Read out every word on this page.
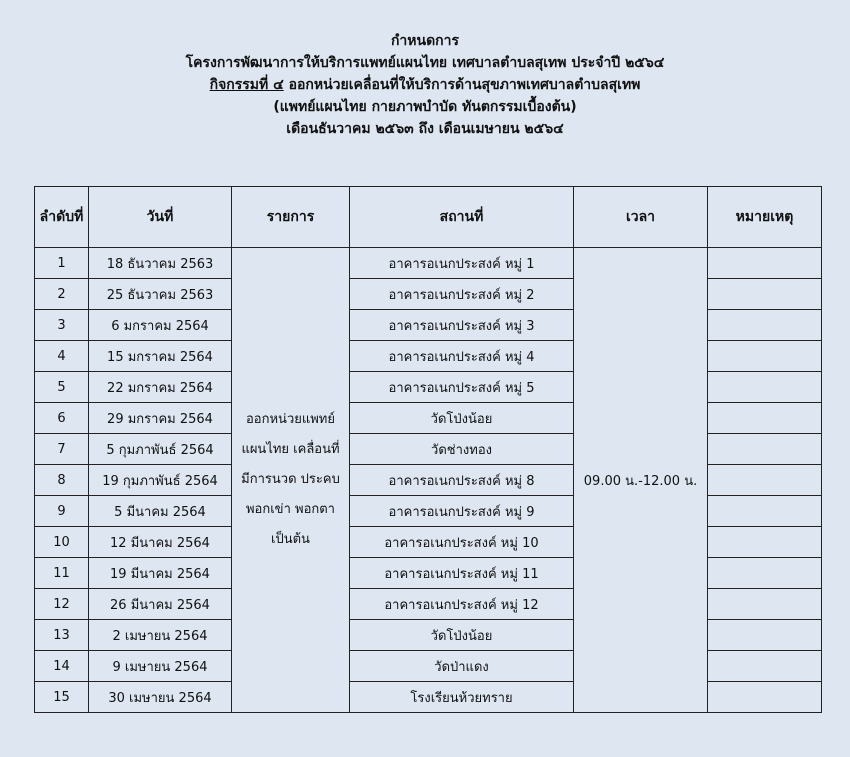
กำหนดการ
โครงการพัฒนาการให้บริการแพทย์แผนไทย เทศบาลตำบลสุเทพ ประจำปี ๒๕๖๔
กิจกรรมที่ ๔ ออกหน่วยเคลื่อนที่ให้บริการด้านสุขภาพเทศบาลตำบลสุเทพ
(แพทย์แผนไทย กายภาพบำบัด ทันตกรรมเบื้องต้น)
เดือนธันวาคม ๒๕๖๓ ถึง เดือนเมษายน ๒๕๖๔
ลำดับที่	วันที่	รายการ	สถานที่	เวลา	หมายเหตุ
1	18 ธันวาคม 2563	ออกหน่วยแพทย์แผนไทย เคลื่อนที่ มีการนวด ประคบ พอกเข่า พอกตา เป็นต้น	อาคารอเนกประสงค์ หมู่ 1	09.00 น.-12.00 น.	
2	25 ธันวาคม 2563		อาคารอเนกประสงค์ หมู่ 2		
3	6 มกราคม 2564		อาคารอเนกประสงค์ หมู่ 3		
4	15 มกราคม 2564		อาคารอเนกประสงค์ หมู่ 4		
5	22 มกราคม 2564		อาคารอเนกประสงค์ หมู่ 5		
6	29 มกราคม 2564		วัดโป่งน้อย		
7	5 กุมภาพันธ์ 2564		วัดช่างทอง		
8	19 กุมภาพันธ์ 2564		อาคารอเนกประสงค์ หมู่ 8		
9	5 มีนาคม 2564		อาคารอเนกประสงค์ หมู่ 9		
10	12 มีนาคม 2564		อาคารอเนกประสงค์ หมู่ 10		
11	19 มีนาคม 2564		อาคารอเนกประสงค์ หมู่ 11		
12	26 มีนาคม 2564		อาคารอเนกประสงค์ หมู่ 12		
13	2 เมษายน 2564		วัดโป่งน้อย		
14	9 เมษายน 2564		วัดป่าแดง		
15	30 เมษายน 2564		โรงเรียนห้วยทราย		
